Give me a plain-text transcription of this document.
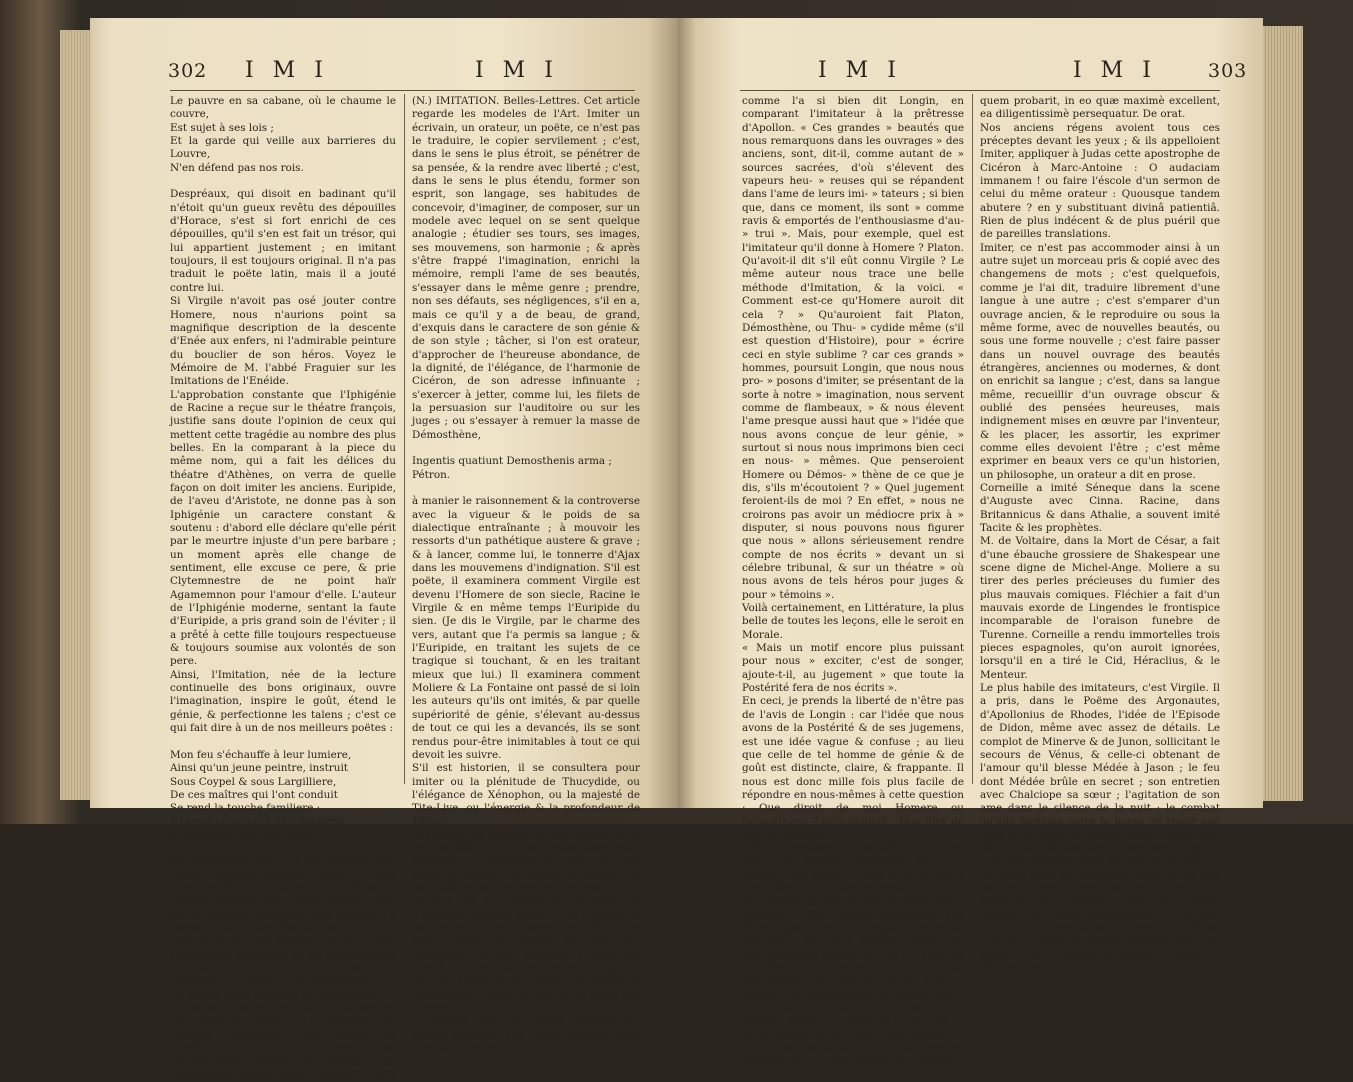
302 I M I	I M I
Le pauvre en sa cabane, où le chaume le couvre,
Est sujet à ses lois ;
Et la garde qui veille aux barrieres du Louvre,
N'en défend pas nos rois.

Despréaux, qui disoit en badinant qu'il n'étoit qu'un gueux revêtu des dépouilles d'Horace, s'est si fort enrichi de ces dépouilles, qu'il s'en est fait un trésor, qui lui appartient justement ; en imitant toujours, il est toujours original. Il n'a pas traduit le poëte latin, mais il a jouté contre lui.
Si Virgile n'avoit pas osé jouter contre Homere, nous n'aurions point sa magnifique description de la descente d'Enée aux enfers, ni l'admirable peinture du bouclier de son héros. Voyez le Mémoire de M. l'abbé Fraguier sur les Imitations de l'Enéide.
L'approbation constante que l'Iphigénie de Racine a reçue sur le théatre françois, justifie sans doute l'opinion de ceux qui mettent cette tragédie au nombre des plus belles. En la comparant à la piece du même nom, qui a fait les délices du théatre d'Athènes, on verra de quelle façon on doit imiter les anciens. Euripide, de l'aveu d'Aristote, ne donne pas à son Iphigénie un caractere constant & soutenu : d'abord elle déclare qu'elle périt par le meurtre injuste d'un pere barbare ; un moment après elle change de sentiment, elle excuse ce pere, & prie Clytemnestre de ne point haïr Agamemnon pour l'amour d'elle. L'auteur de l'Iphigénie moderne, sentant la faute d'Euripide, a pris grand soin de l'éviter ; il a prêté à cette fille toujours respectueuse & toujours soumise aux volontés de son pere.
Ainsi, l'Imitation, née de la lecture continuelle des bons originaux, ouvre l'imagination, inspire le goût, étend le génie, & perfectionne les talens ; c'est ce qui fait dire à un de nos meilleurs poëtes :

Mon feu s'échauffe à leur lumiere,
Ainsi qu'un jeune peintre, instruit
Sous Coypel & sous Largilliere,
De ces maîtres qui l'ont conduit
Se rend la touche familiere ;
Il prend noblement leur maniere,
Et compose avec leur esprit.

Ne rougissons donc pas de consulter des guides habiles, toujours prêts à nous conduire. Quoiqu'ils soient nos maîtres, la grande distance que nous voyons entre eux & nous ne doit point nous effrayer. La carriere dans laquelle ils ont couru si glorieusement, est encore ouverte ; nous pouvons les atteindre, ou les prenant pour modeles & pour rivaux dans nos Imitations : si nous ne les atteignons pas, du moins nous pouvons en approcher ; & après les grands hommes, il est encore des places honorables. La réputation de Lucrece n'empêcha pas Virgile de paroître, & la gloire d'Hortensius ne ralentit point l'ardeur de Cicéron pour l'Eloquence. (Le chevalier DE JAUCOURT.)
(N.) IMITATION. Belles-Lettres. Cet article regarde les modeles de l'Art. Imiter un écrivain, un orateur, un poëte, ce n'est pas le traduire, le copier servilement ; c'est, dans le sens le plus étroit, se pénétrer de sa pensée, & la rendre avec liberté ; c'est, dans le sens le plus étendu, former son esprit, son langage, ses habitudes de concevoir, d'imaginer, de composer, sur un modele avec lequel on se sent quelque analogie ; étudier ses tours, ses images, ses mouvemens, son harmonie ; & après s'être frappé l'imagination, enrichi la mémoire, rempli l'ame de ses beautés, s'essayer dans le même genre ; prendre, non ses défauts, ses négligences, s'il en a, mais ce qu'il y a de beau, de grand, d'exquis dans le caractere de son génie & de son style ; tâcher, si l'on est orateur, d'approcher de l'heureuse abondance, de la dignité, de l'élégance, de l'harmonie de Cicéron, de son adresse infinuante ; s'exercer à jetter, comme lui, les filets de la persuasion sur l'auditoire ou sur les juges ; ou s'essayer à remuer la masse de Démosthène,

Ingentis quatiunt Demosthenis arma ;
Pétron.

à manier le raisonnement & la controverse avec la vigueur & le poids de sa dialectique entraînante ; à mouvoir les ressorts d'un pathétique austere & grave ; & à lancer, comme lui, le tonnerre d'Ajax dans les mouvemens d'indignation. S'il est poëte, il examinera comment Virgile est devenu l'Homere de son siecle, Racine le Virgile & en même temps l'Euripide du sien. (Je dis le Virgile, par le charme des vers, autant que l'a permis sa langue ; & l'Euripide, en traitant les sujets de ce tragique si touchant, & en les traitant mieux que lui.) Il examinera comment Moliere & La Fontaine ont passé de si loin les auteurs qu'ils ont imités, & par quelle supériorité de génie, s'élevant au-dessus de tout ce qui les a devancés, ils se sont rendus pour-être inimitables à tout ce qui devoit les suivre.
S'il est historien, il se consultera pour imiter ou la plénitude de Thucydide, ou l'élégance de Xénophon, ou la majesté de Tite-Live, ou l'énergie & la profondeur de Tacite.
Les éleves de Raphaël & des Carache n'en ont pas été les copistes ; mais, dans leurs tableaux, on reconnoît le génie de leur école, la touche, le dessin, la couleur de leur maître, sa maniere de composer.
Ce qui fait des imitateurs un troupeau d'esclaves, servum pecus, c'est l'inertie de leur esprit, & cette basse timidité qui ne sait qu'obéir & suivre. De tous les caracteres, le plus essentiel à celui qui prend pour modele un homme de génie, c'est la hardiesse du génie ; & comment ressembler à celui qui ose, si on n'ose pas comme lui ?
« Celui-là seul est digne d'imiter les grands modeles, que l'esprit d'autrui ravit hors de lui-même ;
I M I	I M I	303
comme l'a si bien dit Longin, en comparant l'imitateur à la prêtresse d'Apollon. « Ces grandes » beautés que nous remarquons dans les ouvrages » des anciens, sont, dit-il, comme autant de » sources sacrées, d'où s'élevent des vapeurs heu- » reuses qui se répandent dans l'ame de leurs imi- » tateurs ; si bien que, dans ce moment, ils sont » comme ravis & emportés de l'enthousiasme d'au- » trui ». Mais, pour exemple, quel est l'imitateur qu'il donne à Homere ? Platon. Qu'avoit-il dit s'il eût connu Virgile ? Le même auteur nous trace une belle méthode d'Imitation, & la voici. « Comment est-ce qu'Homere auroit dit cela ? » Qu'auroient fait Platon, Démosthène, ou Thu- » cydide même (s'il est question d'Histoire), pour » écrire ceci en style sublime ? car ces grands » hommes, poursuit Longin, que nous nous pro- » posons d'imiter, se présentant de la sorte à notre » imagination, nous servent comme de flambeaux, » & nous élevent l'ame presque aussi haut que » l'idée que nous avons conçue de leur génie, » surtout si nous nous imprimons bien ceci en nous- » mêmes. Que penseroient Homere ou Démos- » thène de ce que je dis, s'ils m'écoutoient ? » Quel jugement feroient-ils de moi ? En effet, » nous ne croirons pas avoir un médiocre prix à » disputer, si nous pouvons nous figurer que nous » allons sérieusement rendre compte de nos écrits » devant un si célebre tribunal, & sur un théatre » où nous avons de tels héros pour juges & pour » témoins ».
Voilà certainement, en Littérature, la plus belle de toutes les leçons, elle le seroit en Morale.
« Mais un motif encore plus puissant pour nous » exciter, c'est de songer, ajoute-t-il, au jugement » que toute la Postérité fera de nos écrits ».
En ceci, je prends la liberté de n'être pas de l'avis de Longin : car l'idée que nous avons de la Postérité & de ses jugemens, est une idée vague & confuse ; au lieu que celle de tel homme de génie & de goût est distincte, claire, & frappante. Il nous est donc mille fois plus facile de répondre en nous-mêmes à cette question : Que diroit de moi Homere ou Démosthène ? qu'à celle-ci : Que dira de moi la Postérité ?
« En se proposant un modele, dit Cicéron par » la bouche d'Antoine, le jeune orateur doit s'atta- » cher à ce qu'il y a d'excellent, & s'exercer ensuite » à lui ressembler en cela le plus qu'il lui sera » possible ». Tum accedat exercitatio quâ illum quem antè delegerit imitando effingat. « J'ai vu » souvent, ajoute-t-il, des imitateurs copier ce » qu'il y avoit de plus facile, & même ce qu'il » y avoit de défectueux, de vicieux dans leur » modele. Ils commencent par choisir mal ; & si » leur modele, quoique mauvais, a quelque bonne » qualité, ils la laissent, & ne prennent de lui que » ses défauts ». Qui autem ita faciet ut oportet, primùm vigilet necesse est in deligendo ; deinde,
quem probarit, in eo quæ maximè excellent, ea diligentissimè persequatur. De orat.
Nos anciens régens avoient tous ces préceptes devant les yeux ; & ils appelloient Imiter, appliquer à Judas cette apostrophe de Cicéron à Marc-Antoine : O audaciam immanem ! ou faire l'éscole d'un sermon de celui du même orateur : Quousque tandem abutere ? en y substituant divinâ patientiâ. Rien de plus indécent & de plus puéril que de pareilles translations.
Imiter, ce n'est pas accommoder ainsi à un autre sujet un morceau pris & copié avec des changemens de mots ; c'est quelquefois, comme je l'ai dit, traduire librement d'une langue à une autre ; c'est s'emparer d'un ouvrage ancien, & le reproduire ou sous la même forme, avec de nouvelles beautés, ou sous une forme nouvelle ; c'est faire passer dans un nouvel ouvrage des beautés étrangères, anciennes ou modernes, & dont on enrichit sa langue ; c'est, dans sa langue même, recueillir d'un ouvrage obscur & oublié des pensées heureuses, mais indignement mises en œuvre par l'inventeur, & les placer, les assortir, les exprimer comme elles devoient l'être ; c'est même exprimer en beaux vers ce qu'un historien, un philosophe, un orateur a dit en prose.
Corneille a imité Séneque dans la scene d'Auguste avec Cinna. Racine, dans Britannicus & dans Athalie, a souvent imité Tacite & les prophètes.
M. de Voltaire, dans la Mort de César, a fait d'une ébauche grossiere de Shakespear une scene digne de Michel-Ange. Moliere a su tirer des perles précieuses du fumier des plus mauvais comiques. Fléchier a fait d'un mauvais exorde de Lingendes le frontispice incomparable de l'oraison funebre de Turenne. Corneille a rendu immortelles trois pieces espagnoles, qu'on auroit ignorées, lorsqu'il en a tiré le Cid, Héraclius, & le Menteur.
Le plus habile des imitateurs, c'est Virgile. Il a pris, dans le Poëme des Argonautes, d'Apollonius de Rhodes, l'idée de l'Episode de Didon, même avec assez de détails. Le complot de Minerve & de Junon, sollicitant le secours de Vénus, & celle-ci obtenant de l'amour qu'il blesse Médée à Jason ; le feu dont Médée brûle en secret ; son entretien avec Chalciope sa sœur ; l'agitation de son ame dans le silence de la nuit ; le combat qu'elle éprouve entre la honte de trahir son pere & le desir de sauver Jason ; tout cela, dis-je, est évidemment l'esquisse d'après laquelle Virgile a peint le plus beau tableau qui nous reste de l'Antiquité. Mais on va voir par un exemple, combien, en imitant, il a surpassé son modele. Voici la version littérale du texte d'Apollonius. « La nuit couvroit » la terre de son ombre, & en pleine mer les » nochers étoient occupés sur leur navire à ob- » server les étoiles d'Hélice & d'Orion. Les voya-
